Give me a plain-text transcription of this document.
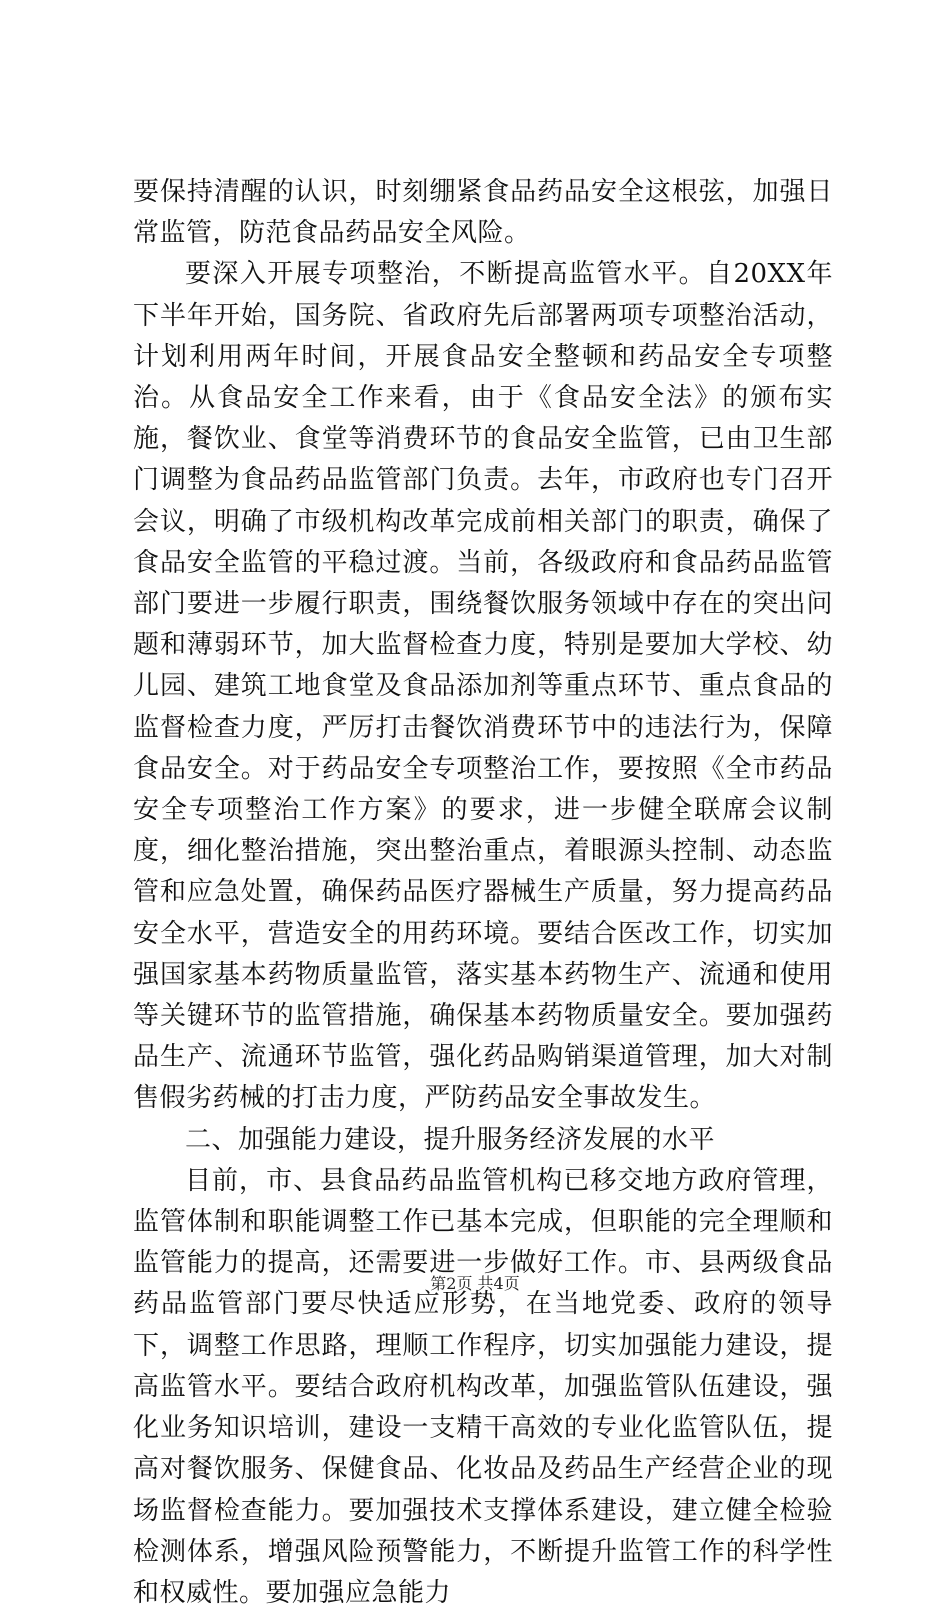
要保持清醒的认识，时刻绷紧食品药品安全这根弦，加强日常监管，防范食品药品安全风险。

要深入开展专项整治，不断提高监管水平。自20XX年下半年开始，国务院、省政府先后部署两项专项整治活动，计划利用两年时间，开展食品安全整顿和药品安全专项整治。从食品安全工作来看，由于《食品安全法》的颁布实施，餐饮业、食堂等消费环节的食品安全监管，已由卫生部门调整为食品药品监管部门负责。去年，市政府也专门召开会议，明确了市级机构改革完成前相关部门的职责，确保了食品安全监管的平稳过渡。当前，各级政府和食品药品监管部门要进一步履行职责，围绕餐饮服务领域中存在的突出问题和薄弱环节，加大监督检查力度，特别是要加大学校、幼儿园、建筑工地食堂及食品添加剂等重点环节、重点食品的监督检查力度，严厉打击餐饮消费环节中的违法行为，保障食品安全。对于药品安全专项整治工作，要按照《全市药品安全专项整治工作方案》的要求，进一步健全联席会议制度，细化整治措施，突出整治重点，着眼源头控制、动态监管和应急处置，确保药品医疗器械生产质量，努力提高药品安全水平，营造安全的用药环境。要结合医改工作，切实加强国家基本药物质量监管，落实基本药物生产、流通和使用等关键环节的监管措施，确保基本药物质量安全。要加强药品生产、流通环节监管，强化药品购销渠道管理，加大对制售假劣药械的打击力度，严防药品安全事故发生。

二、加强能力建设，提升服务经济发展的水平

目前，市、县食品药品监管机构已移交地方政府管理，监管体制和职能调整工作已基本完成，但职能的完全理顺和监管能力的提高，还需要进一步做好工作。市、县两级食品药品监管部门要尽快适应形势，在当地党委、政府的领导下，调整工作思路，理顺工作程序，切实加强能力建设，提高监管水平。要结合政府机构改革，加强监管队伍建设，强化业务知识培训，建设一支精干高效的专业化监管队伍，提高对餐饮服务、保健食品、化妆品及药品生产经营企业的现场监督检查能力。要加强技术支撑体系建设，建立健全检验检测体系，增强风险预警能力，不断提升监管工作的科学性和权威性。要加强应急能力

第2页 共4页
